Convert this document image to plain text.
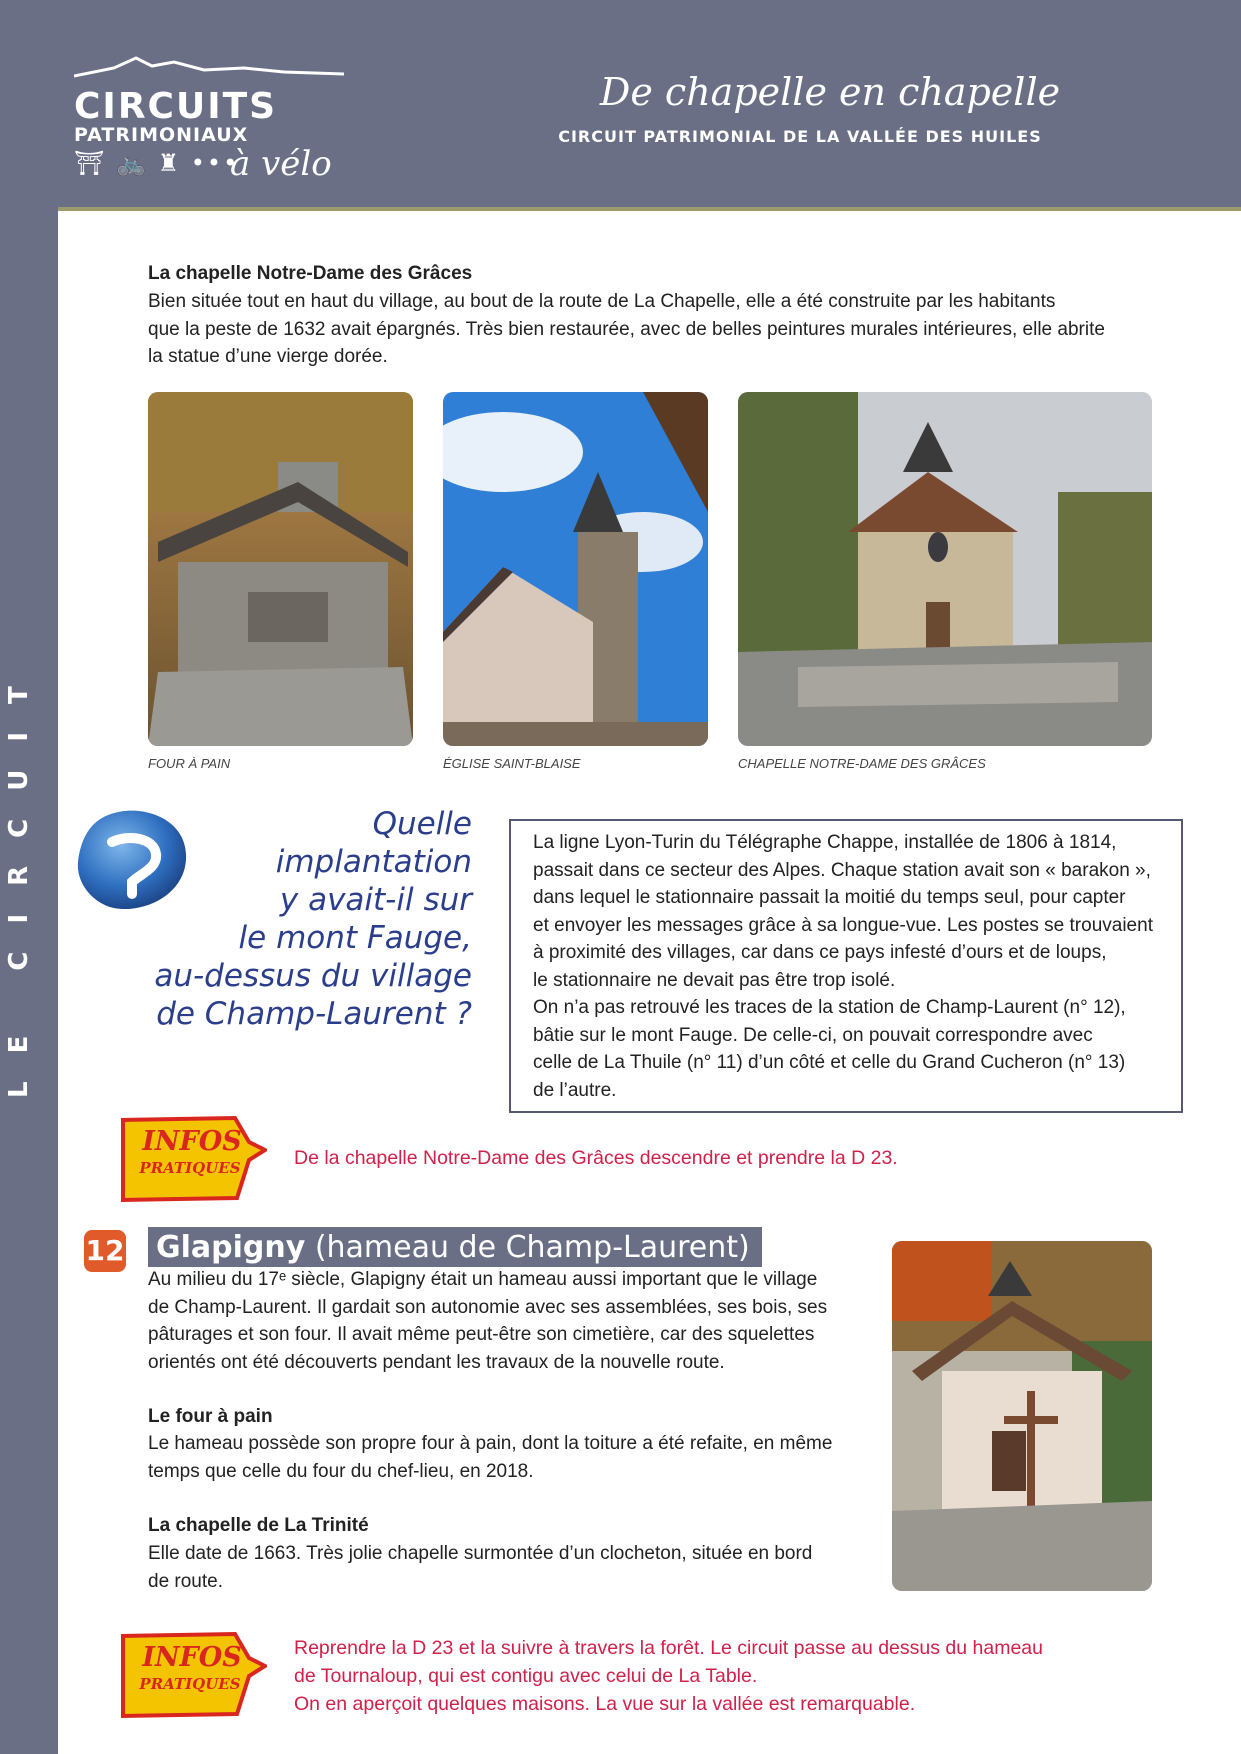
CIRCUITS
PATRIMONIAUX
⛩ 🚲 ♜ •••
à vélo
De chapelle en chapelle
CIRCUIT PATRIMONIAL DE LA VALLÉE DES HUILES
LE CIRCUIT
La chapelle Notre-Dame des Grâces
Bien située tout en haut du village, au bout de la route de La Chapelle, elle a été construite par les habitants
que la peste de 1632 avait épargnés. Très bien restaurée, avec de belles peintures murales intérieures, elle abrite
la statue d’une vierge dorée.
FOUR À PAIN	ÉGLISE SAINT-BLAISE	CHAPELLE NOTRE-DAME DES GRÂCES
Quelle
implantation
y avait-il sur
le mont Fauge,
au-dessus du village
de Champ-Laurent ?
La ligne Lyon-Turin du Télégraphe Chappe, installée de 1806 à 1814,
passait dans ce secteur des Alpes. Chaque station avait son « barakon »,
dans lequel le stationnaire passait la moitié du temps seul, pour capter
et envoyer les messages grâce à sa longue-vue. Les postes se trouvaient
à proximité des villages, car dans ce pays infesté d’ours et de loups,
le stationnaire ne devait pas être trop isolé.
On n’a pas retrouvé les traces de la station de Champ-Laurent (n° 12),
bâtie sur le mont Fauge. De celle-ci, on pouvait correspondre avec
celle de La Thuile (n° 11) d’un côté et celle du Grand Cucheron (n° 13)
de l’autre.
INFOS
PRATIQUES	De la chapelle Notre-Dame des Grâces descendre et prendre la D 23.
12 Glapigny (hameau de Champ-Laurent)
Au milieu du 17ᵉ siècle, Glapigny était un hameau aussi important que le village
de Champ-Laurent. Il gardait son autonomie avec ses assemblées, ses bois, ses
pâturages et son four. Il avait même peut-être son cimetière, car des squelettes
orientés ont été découverts pendant les travaux de la nouvelle route.
Le four à pain
Le hameau possède son propre four à pain, dont la toiture a été refaite, en même
temps que celle du four du chef-lieu, en 2018.
La chapelle de La Trinité
Elle date de 1663. Très jolie chapelle surmontée d’un clocheton, située en bord
de route.
INFOS
PRATIQUES
Reprendre la D 23 et la suivre à travers la forêt. Le circuit passe au dessus du hameau
de Tournaloup, qui est contigu avec celui de La Table.
On en aperçoit quelques maisons. La vue sur la vallée est remarquable.
